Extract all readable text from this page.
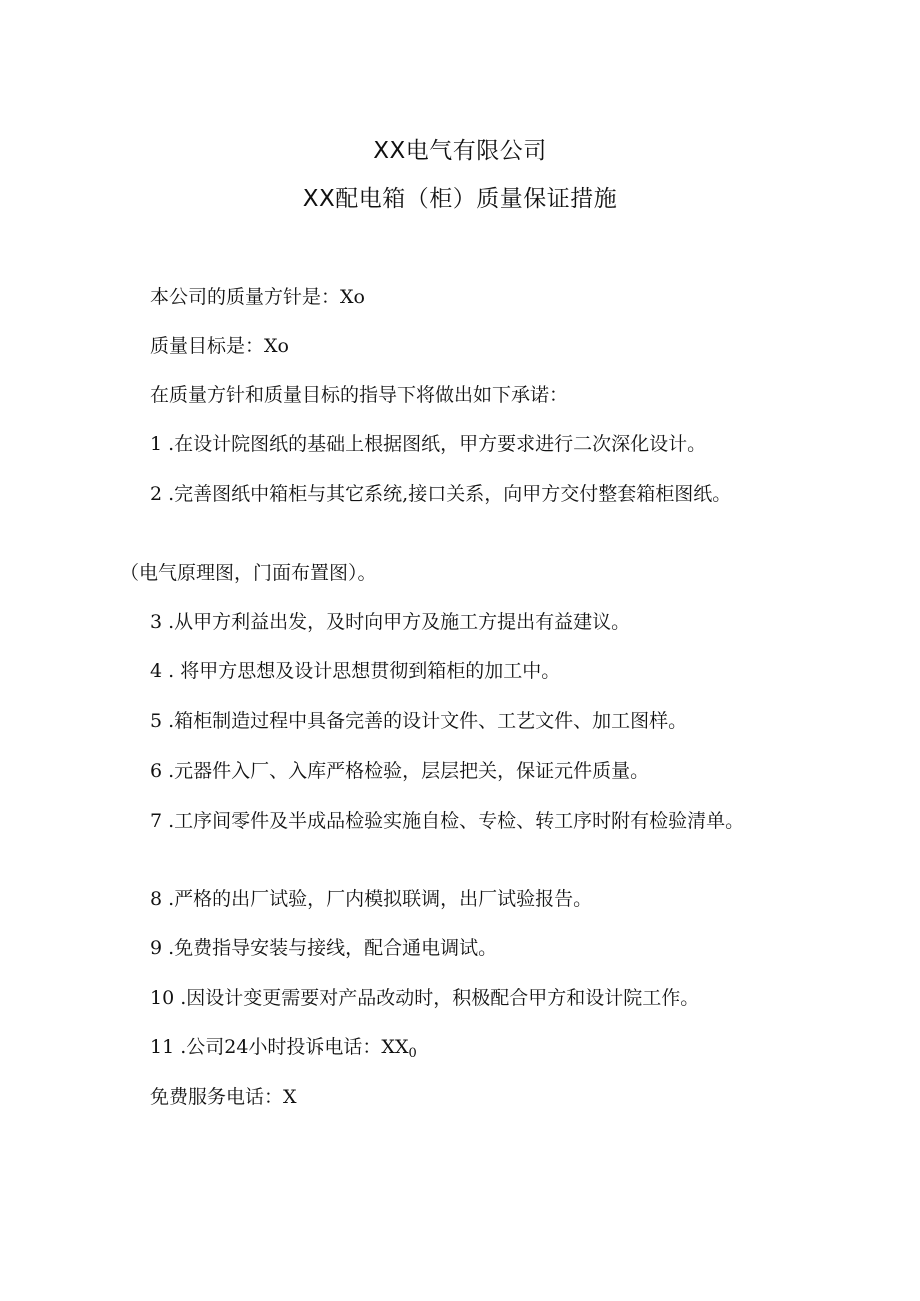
XX电气有限公司
XX配电箱（柜）质量保证措施
本公司的质量方针是：Xo
质量目标是：Xo
在质量方针和质量目标的指导下将做出如下承诺：
1 .在设计院图纸的基础上根据图纸，甲方要求进行二次深化设计。
2 .完善图纸中箱柜与其它系统,接口关系，向甲方交付整套箱柜图纸。
（电气原理图，门面布置图）。
3 .从甲方利益出发，及时向甲方及施工方提出有益建议。
4 . 将甲方思想及设计思想贯彻到箱柜的加工中。
5 .箱柜制造过程中具备完善的设计文件、工艺文件、加工图样。
6 .元器件入厂、入库严格检验，层层把关，保证元件质量。
7 .工序间零件及半成品检验实施自检、专检、转工序时附有检验清单。
8 .严格的出厂试验，厂内模拟联调，出厂试验报告。
9 .免费指导安装与接线，配合通电调试。
10 .因设计变更需要对产品改动时，积极配合甲方和设计院工作。
11 .公司24小时投诉电话：$XX_0$
免费服务电话：X
